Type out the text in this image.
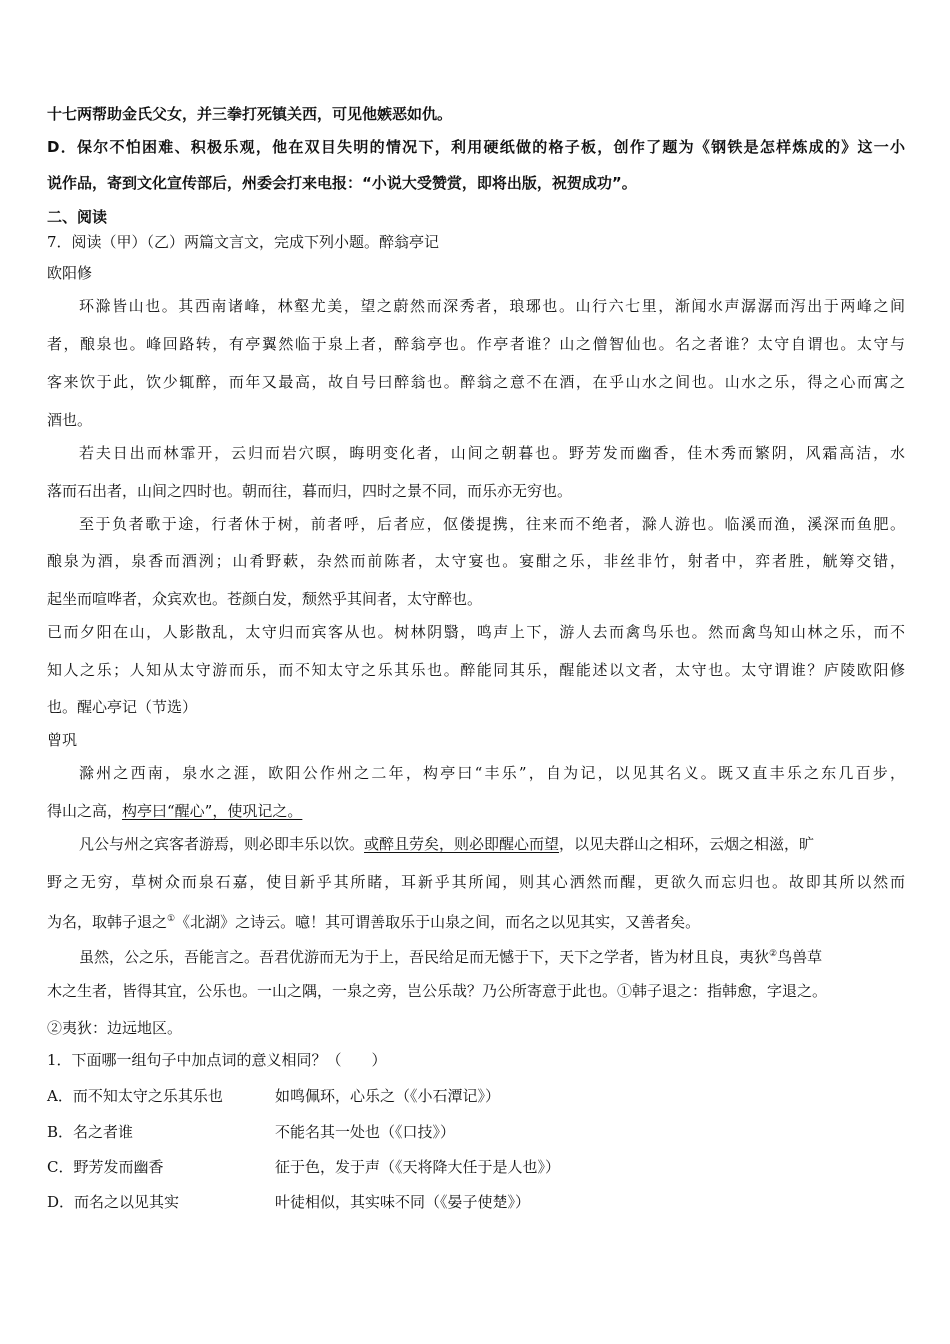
十七两帮助金氏父女，并三拳打死镇关西，可见他嫉恶如仇。
D．保尔不怕困难、积极乐观，他在双目失明的情况下，利用硬纸做的格子板，创作了题为《钢铁是怎样炼成的》这一小
说作品，寄到文化宣传部后，州委会打来电报：“小说大受赞赏，即将出版，祝贺成功”。
二、阅读
7．阅读（甲）（乙）两篇文言文，完成下列小题。醉翁亭记
欧阳修
环滁皆山也。其西南诸峰，林壑尤美，望之蔚然而深秀者，琅琊也。山行六七里，渐闻水声潺潺而泻出于两峰之间
者，酿泉也。峰回路转，有亭翼然临于泉上者，醉翁亭也。作亭者谁？山之僧智仙也。名之者谁？太守自谓也。太守与
客来饮于此，饮少辄醉，而年又最高，故自号曰醉翁也。醉翁之意不在酒，在乎山水之间也。山水之乐，得之心而寓之
酒也。
若夫日出而林霏开，云归而岩穴暝，晦明变化者，山间之朝暮也。野芳发而幽香，佳木秀而繁阴，风霜高洁，水
落而石出者，山间之四时也。朝而往，暮而归，四时之景不同，而乐亦无穷也。
至于负者歌于途，行者休于树，前者呼，后者应，伛偻提携，往来而不绝者，滁人游也。临溪而渔，溪深而鱼肥。
酿泉为酒，泉香而酒洌；山肴野蔌，杂然而前陈者，太守宴也。宴酣之乐，非丝非竹，射者中，弈者胜，觥筹交错，
起坐而喧哗者，众宾欢也。苍颜白发，颓然乎其间者，太守醉也。
已而夕阳在山，人影散乱，太守归而宾客从也。树林阴翳，鸣声上下，游人去而禽鸟乐也。然而禽鸟知山林之乐，而不
知人之乐；人知从太守游而乐，而不知太守之乐其乐也。醉能同其乐，醒能述以文者，太守也。太守谓谁？庐陵欧阳修
也。醒心亭记（节选）
曾巩
滁州之西南，泉水之涯，欧阳公作州之二年，构亭曰“丰乐”，自为记，以见其名义。既又直丰乐之东几百步，
得山之高，构亭曰“醒心”，使巩记之。
凡公与州之宾客者游焉，则必即丰乐以饮。或醉且劳矣，则必即醒心而望，以见夫群山之相环，云烟之相滋，旷
野之无穷，草树众而泉石嘉，使目新乎其所睹，耳新乎其所闻，则其心洒然而醒，更欲久而忘归也。故即其所以然而
为名，取韩子退之①《北湖》之诗云。噫！其可谓善取乐于山泉之间，而名之以见其实，又善者矣。
虽然，公之乐，吾能言之。吾君优游而无为于上，吾民给足而无憾于下，天下之学者，皆为材且良，夷狄②鸟兽草
木之生者，皆得其宜，公乐也。一山之隅，一泉之旁，岂公乐哉？乃公所寄意于此也。①韩子退之：指韩愈，字退之。
②夷狄：边远地区。
1．下面哪一组句子中加点词的意义相同？（　　）
A．而不知太守之乐其乐也	如鸣佩环，心乐之（《小石潭记》）
B．名之者谁	不能名其一处也（《口技》）
C．野芳发而幽香	征于色，发于声（《天将降大任于是人也》）
D．而名之以见其实	叶徒相似，其实味不同（《晏子使楚》）
